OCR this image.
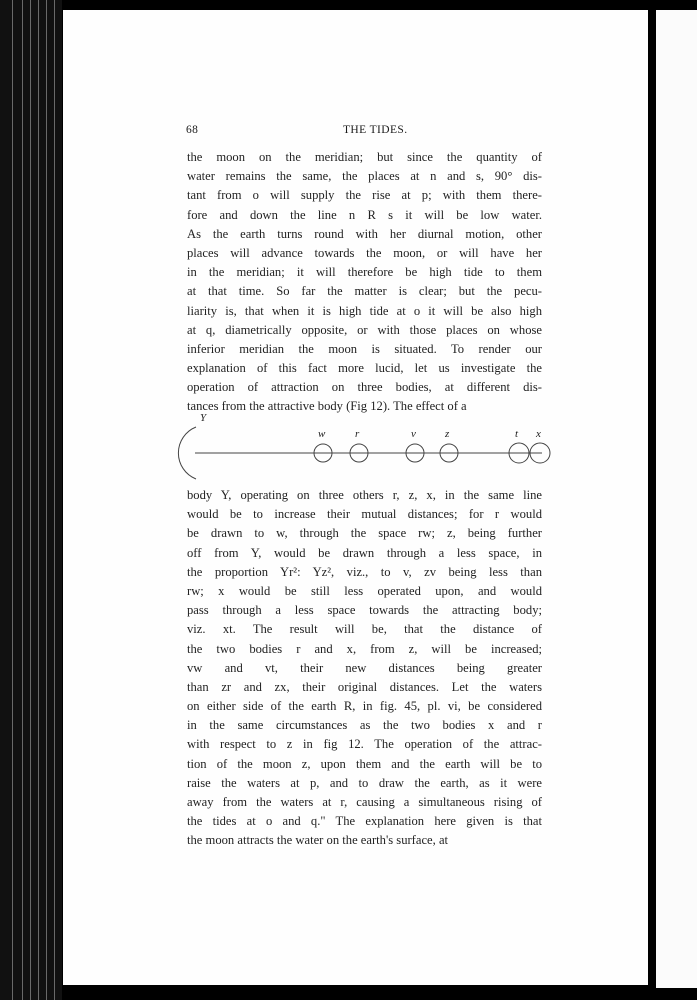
68	THE TIDES.
the moon on the meridian; but since the quantity of
water remains the same, the places at n and s, 90° dis-
tant from o will supply the rise at p; with them there-
fore and down the line n R s it will be low water.
As the earth turns round with her diurnal motion, other
places will advance towards the moon, or will have her
in the meridian; it will therefore be high tide to them
at that time. So far the matter is clear; but the pecu-
liarity is, that when it is high tide at o it will be also high
at q, diametrically opposite, or with those places on whose
inferior meridian the moon is situated. To render our
explanation of this fact more lucid, let us investigate the
operation of attraction on three bodies, at different dis-
tances from the attractive body (Fig 12). The effect of a
Y
w	r	v	z	t x
body Y, operating on three others r, z, x, in the same line
would be to increase their mutual distances; for r would
be drawn to w, through the space rw; z, being further
off from Y, would be drawn through a less space, in
the proportion Yr²: Yz², viz., to v, zv being less than
rw; x would be still less operated upon, and would
pass through a less space towards the attracting body;
viz. xt. The result will be, that the distance of
the two bodies r and x, from z, will be increased;
vw and vt, their new distances being greater
than zr and zx, their original distances. Let the waters
on either side of the earth R, in fig. 45, pl. vi, be considered
in the same circumstances as the two bodies x and r
with respect to z in fig 12. The operation of the attrac-
tion of the moon z, upon them and the earth will be to
raise the waters at p, and to draw the earth, as it were
away from the waters at r, causing a simultaneous rising of
the tides at o and q." The explanation here given is that
the moon attracts the water on the earth's surface, at
